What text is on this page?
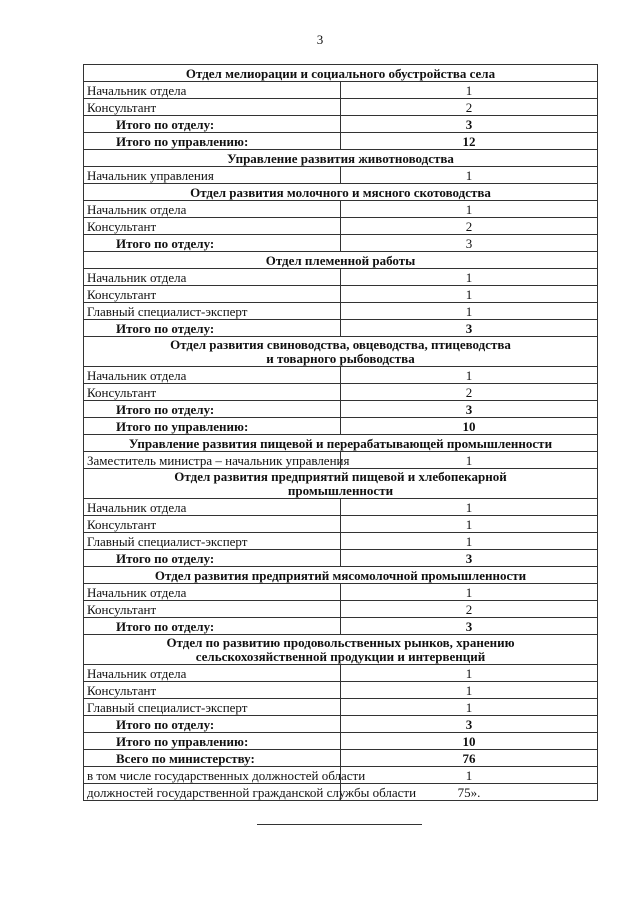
3
Отдел мелиорации и социального обустройства села	
Начальник отдела	1
Консультант	2
Итого по отделу:	3
Итого по управлению:	12
Управление развития животноводства	
Начальник управления	1
Отдел развития молочного и мясного скотоводства	
Начальник отдела	1
Консультант	2
Итого по отделу:	3
Отдел племенной работы	
Начальник отдела	1
Консультант	1
Главный специалист-эксперт	1
Итого по отделу:	3

Отдел развития свиноводства, овцеводства, птицеводства
и товарного рыбоводства	

Начальник отдела	1
Консультант	2
Итого по отделу:	3
Итого по управлению:	10
Управление развития пищевой и перерабатывающей промышленности	
Заместитель министра – начальник управления	1

Отдел развития предприятий пищевой и хлебопекарной
промышленности	

Начальник отдела	1
Консультант	1
Главный специалист-эксперт	1
Итого по отделу:	3
Отдел развития предприятий мясомолочной промышленности	
Начальник отдела	1
Консультант	2
Итого по отделу:	3

Отдел по развитию продовольственных рынков, хранению
сельскохозяйственной продукции и интервенций	

Начальник отдела	1
Консультант	1
Главный специалист-эксперт	1
Итого по отделу:	3
Итого по управлению:	10
Всего по министерству:	76
в том числе государственных должностей области	1
должностей государственной гражданской службы области	75».
